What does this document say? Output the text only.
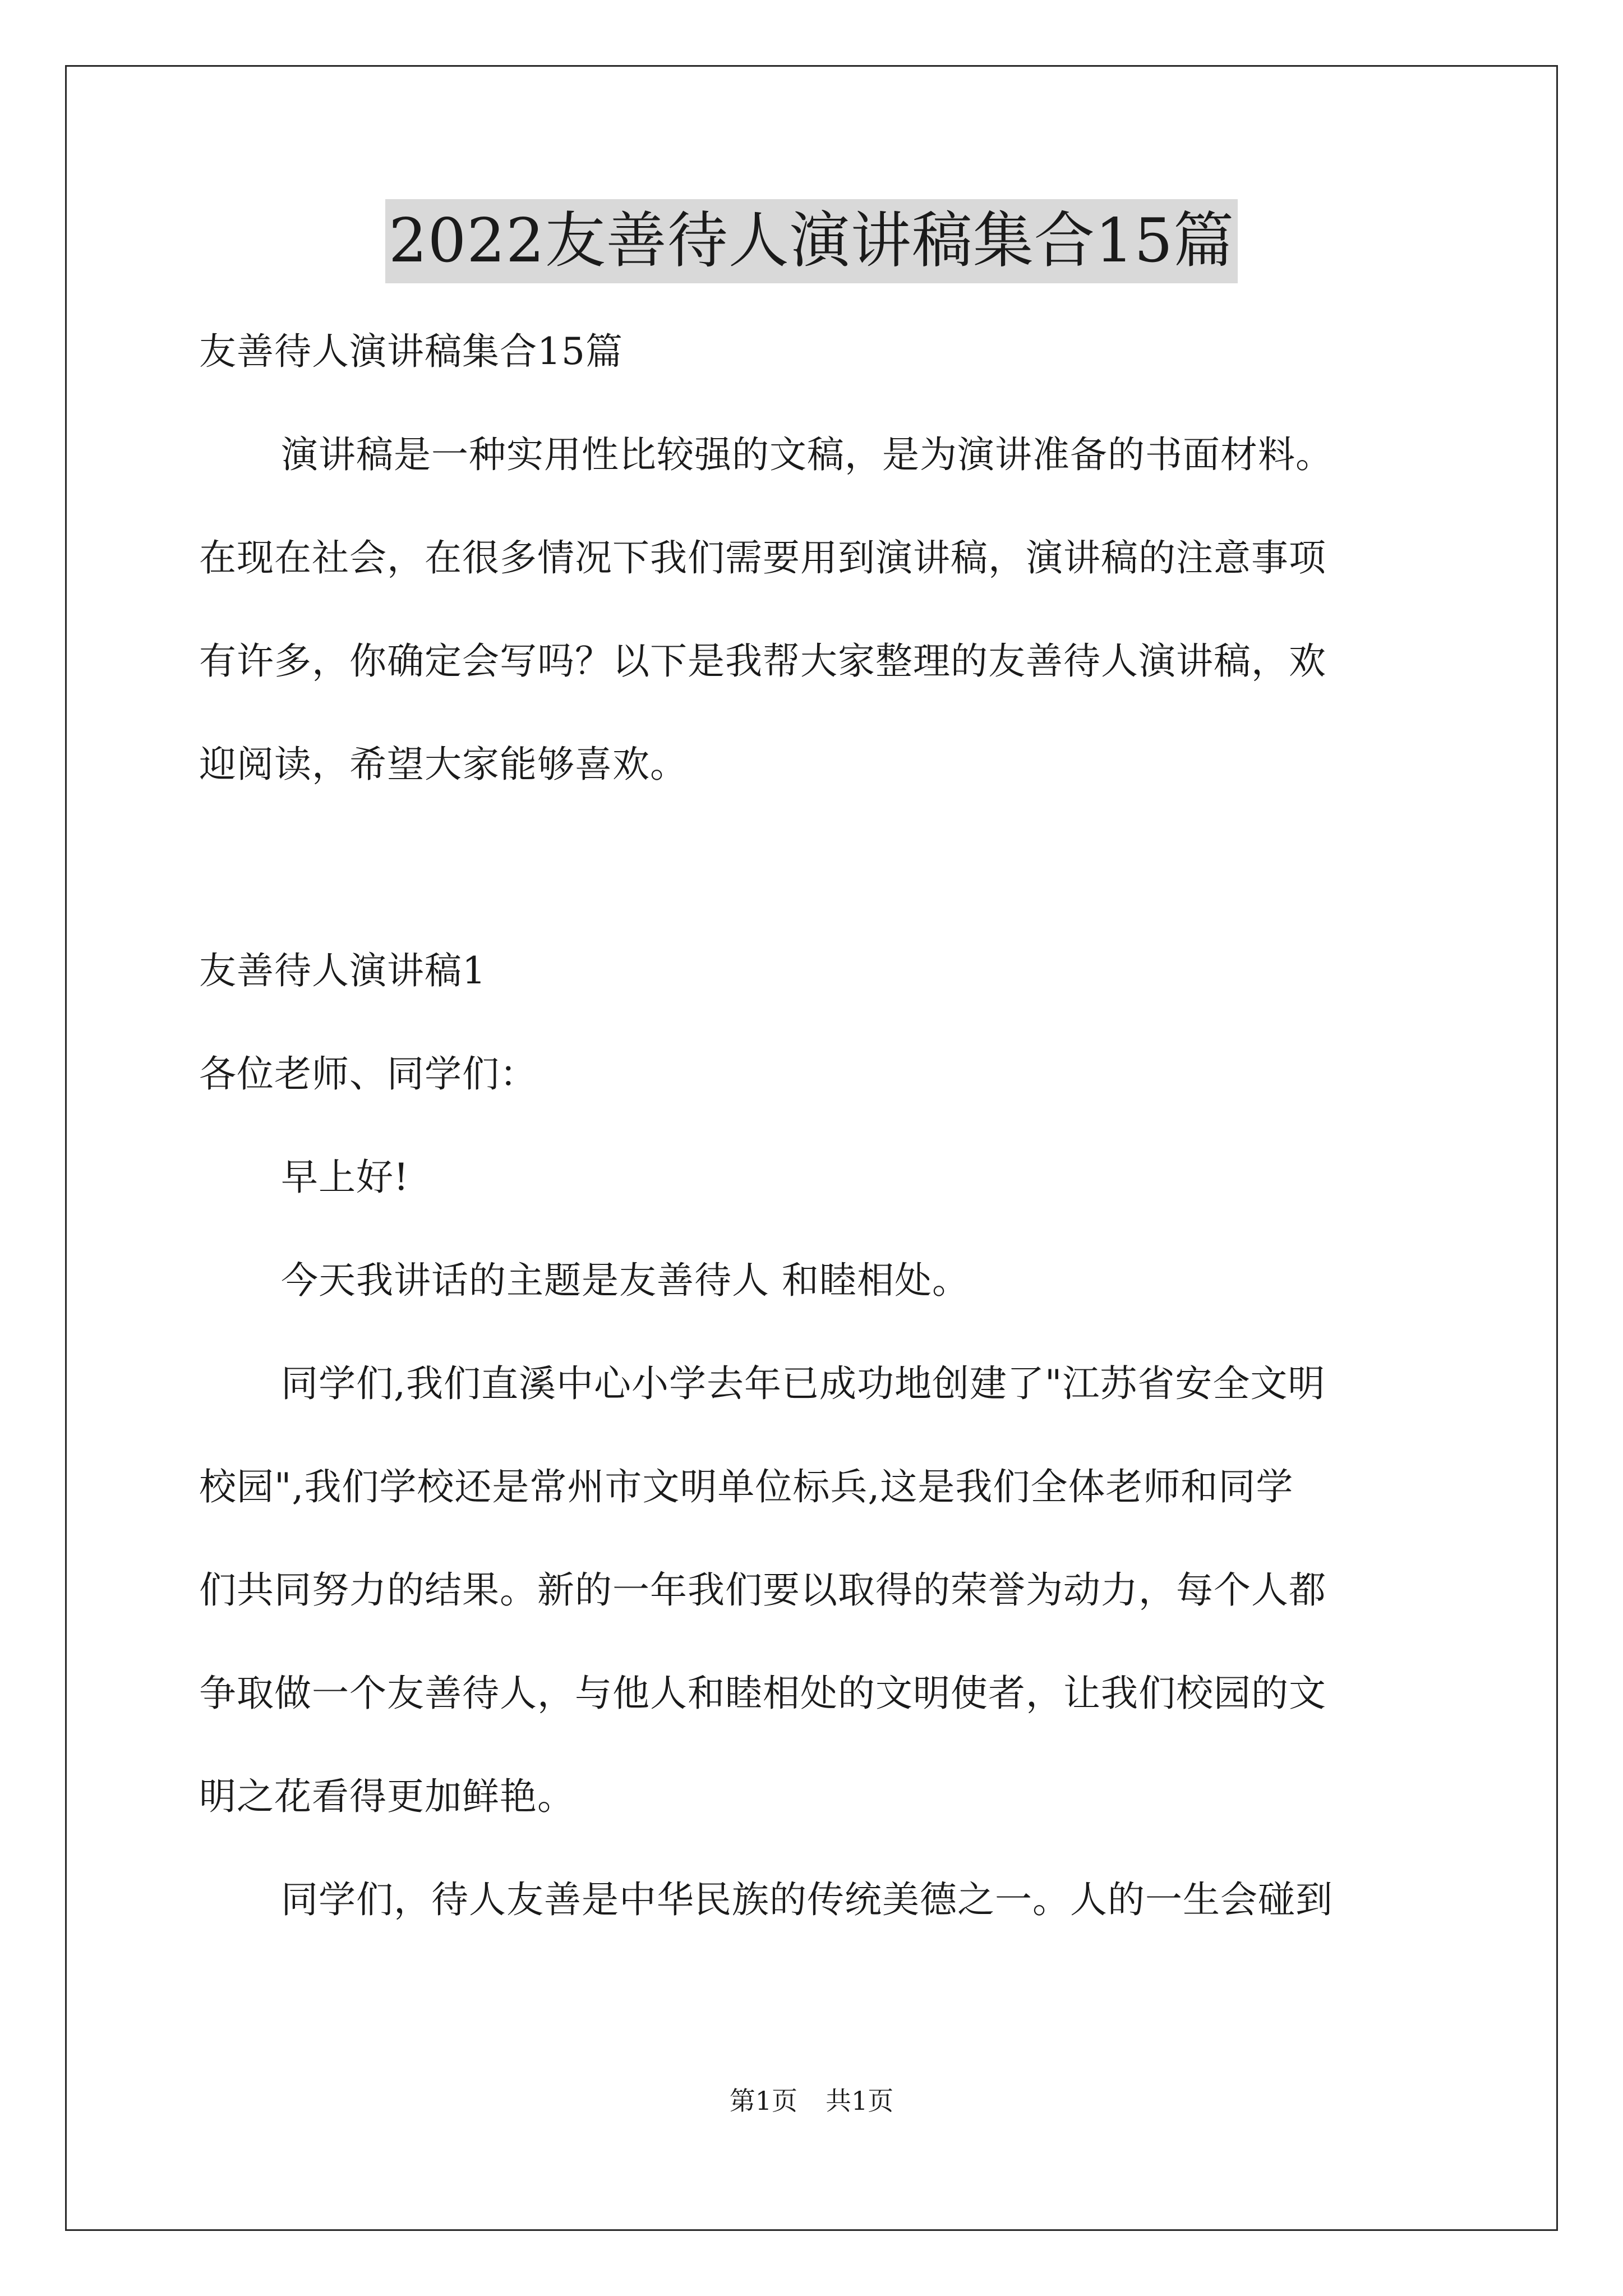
2022友善待人演讲稿集合15篇
友善待人演讲稿集合15篇
演讲稿是一种实用性比较强的文稿，是为演讲准备的书面材料。
在现在社会，在很多情况下我们需要用到演讲稿，演讲稿的注意事项
有许多，你确定会写吗？以下是我帮大家整理的友善待人演讲稿，欢
迎阅读，希望大家能够喜欢。
友善待人演讲稿1
各位老师、同学们：
早上好!
今天我讲话的主题是友善待人 和睦相处。
同学们,我们直溪中心小学去年已成功地创建了"江苏省安全文明
校园",我们学校还是常州市文明单位标兵,这是我们全体老师和同学
们共同努力的结果。新的一年我们要以取得的荣誉为动力，每个人都
争取做一个友善待人，与他人和睦相处的文明使者，让我们校园的文
明之花看得更加鲜艳。
同学们，待人友善是中华民族的传统美德之一。人的一生会碰到
第1页 共1页
